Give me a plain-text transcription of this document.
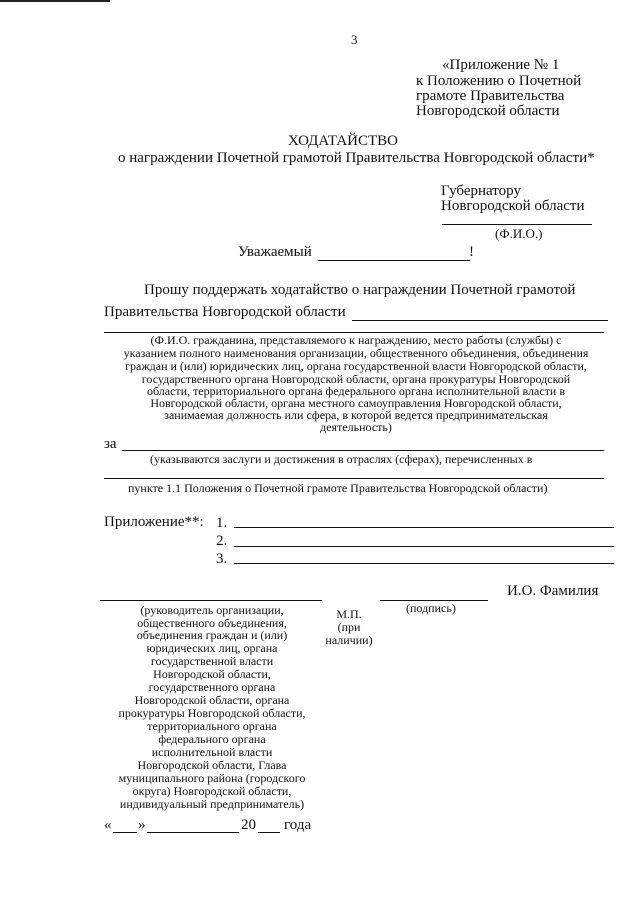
3
«Приложение № 1
к Положению о Почетной
грамоте Правительства
Новгородской области
ХОДАТАЙСТВО
о награждении Почетной грамотой Правительства Новгородской области*
Губернатору
Новгородской области
(Ф.И.О.)
Уважаемый	!
Прошу поддержать ходатайство о награждении Почетной грамотой
Правительства Новгородской области
(Ф.И.О. гражданина, представляемого к награждению, место работы (службы) с
указанием полного наименования организации, общественного объединения, объединения
граждан и (или) юридических лиц, органа государственной власти Новгородской области,
государственного органа Новгородской области, органа прокуратуры Новгородской
области, территориального органа федерального органа исполнительной власти в
Новгородской области, органа местного самоуправления Новгородской области,
занимаемая должность или сфера, в которой ведется предпринимательская
деятельность)
за
(указываются заслуги и достижения в отраслях (сферах), перечисленных в
пункте 1.1 Положения о Почетной грамоте Правительства Новгородской области)
Приложение**: 1.
2.
3.
И.О. Фамилия
(подпись)
М.П.
(при
наличии)
(руководитель организации,
общественного объединения,
объединения граждан и (или)
юридических лиц, органа
государственной власти
Новгородской области,
государственного органа
Новгородской области, органа
прокуратуры Новгородской области,
территориального органа
федерального органа
исполнительной власти
Новгородской области, Глава
муниципального района (городского
округа) Новгородской области,
индивидуальный предприниматель)
« »	20 года
